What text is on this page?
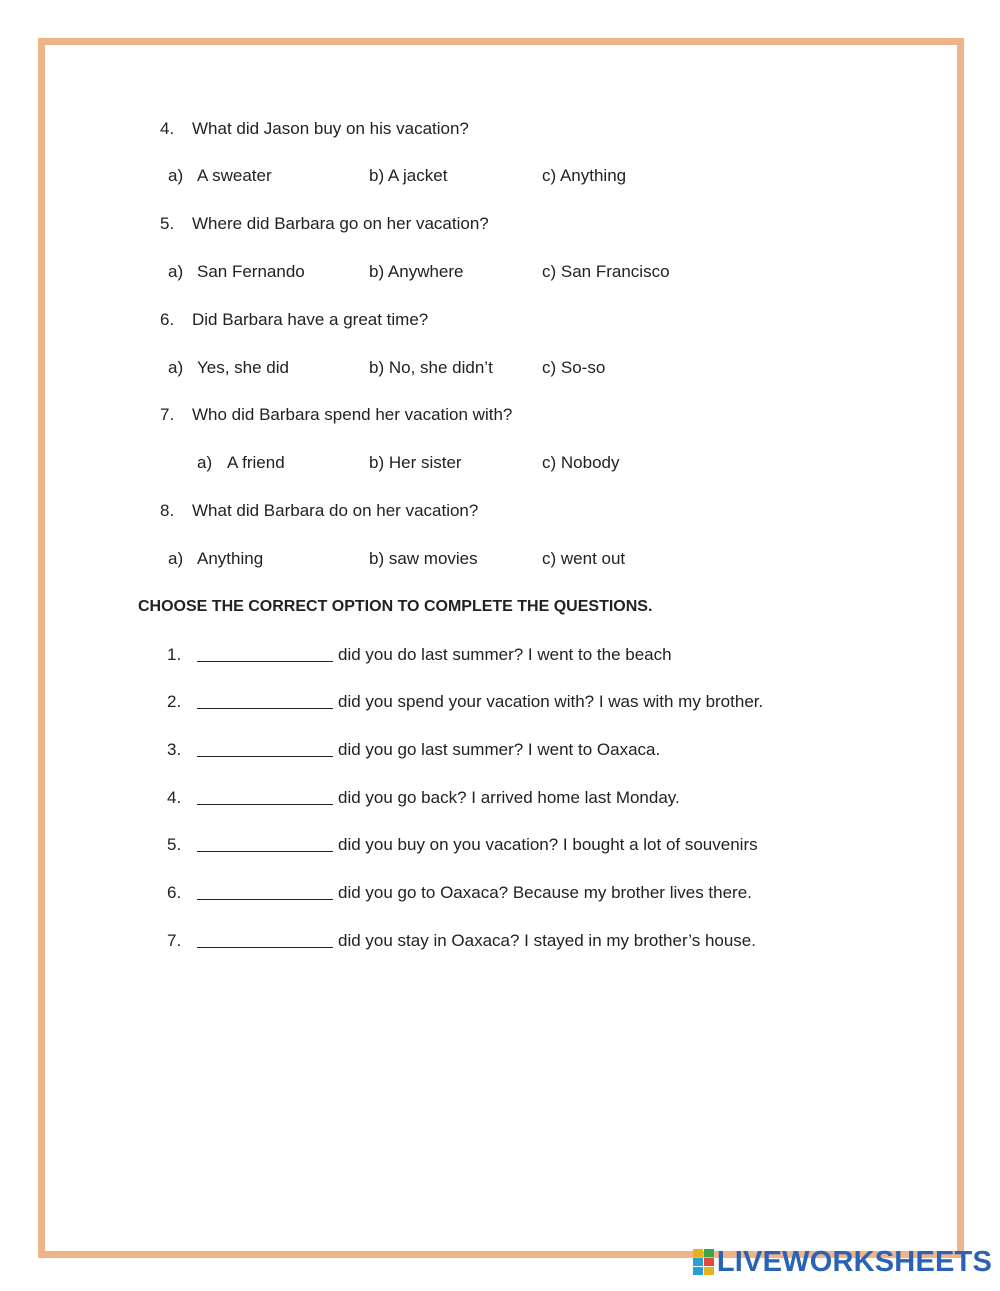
4. What did Jason buy on his vacation?
a) A sweater	b) A jacket	c) Anything
5. Where did Barbara go on her vacation?
a) San Fernando	b) Anywhere	c) San Francisco
6. Did Barbara have a great time?
a) Yes, she did	b) No, she didn’t	c) So-so
7. Who did Barbara spend her vacation with?
a) A friend	b) Her sister	c) Nobody
8. What did Barbara do on her vacation?
a) Anything	b) saw movies	c) went out
CHOOSE THE CORRECT OPTION TO COMPLETE THE QUESTIONS.
1.	did you do last summer? I went to the beach
2.	did you spend your vacation with? I was with my brother.
3.	did you go last summer? I went to Oaxaca.
4.	did you go back? I arrived home last Monday.
5.	did you buy on you vacation? I bought a lot of souvenirs
6.	did you go to Oaxaca? Because my brother lives there.
7.	did you stay in Oaxaca? I stayed in my brother’s house.
LIVEWORKSHEETS
